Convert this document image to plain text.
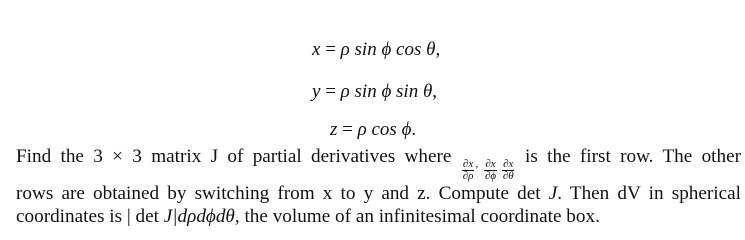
x = ρ sin ϕ cos θ,
y = ρ sin ϕ sin θ,
z = ρ cos ϕ.
Find the 3 × 3 matrix J of partial derivatives where
$\frac{\partial x}{\partial\rho}$ , $\frac{\partial x}{\partial\phi}$
$\frac{\partial x}{\partial\theta}$
is the first row. The other
rows are obtained by switching from x to y and z. Compute det J. Then dV in spherical
coordinates is | det J|dρdϕdθ, the volume of an infinitesimal coordinate box.
